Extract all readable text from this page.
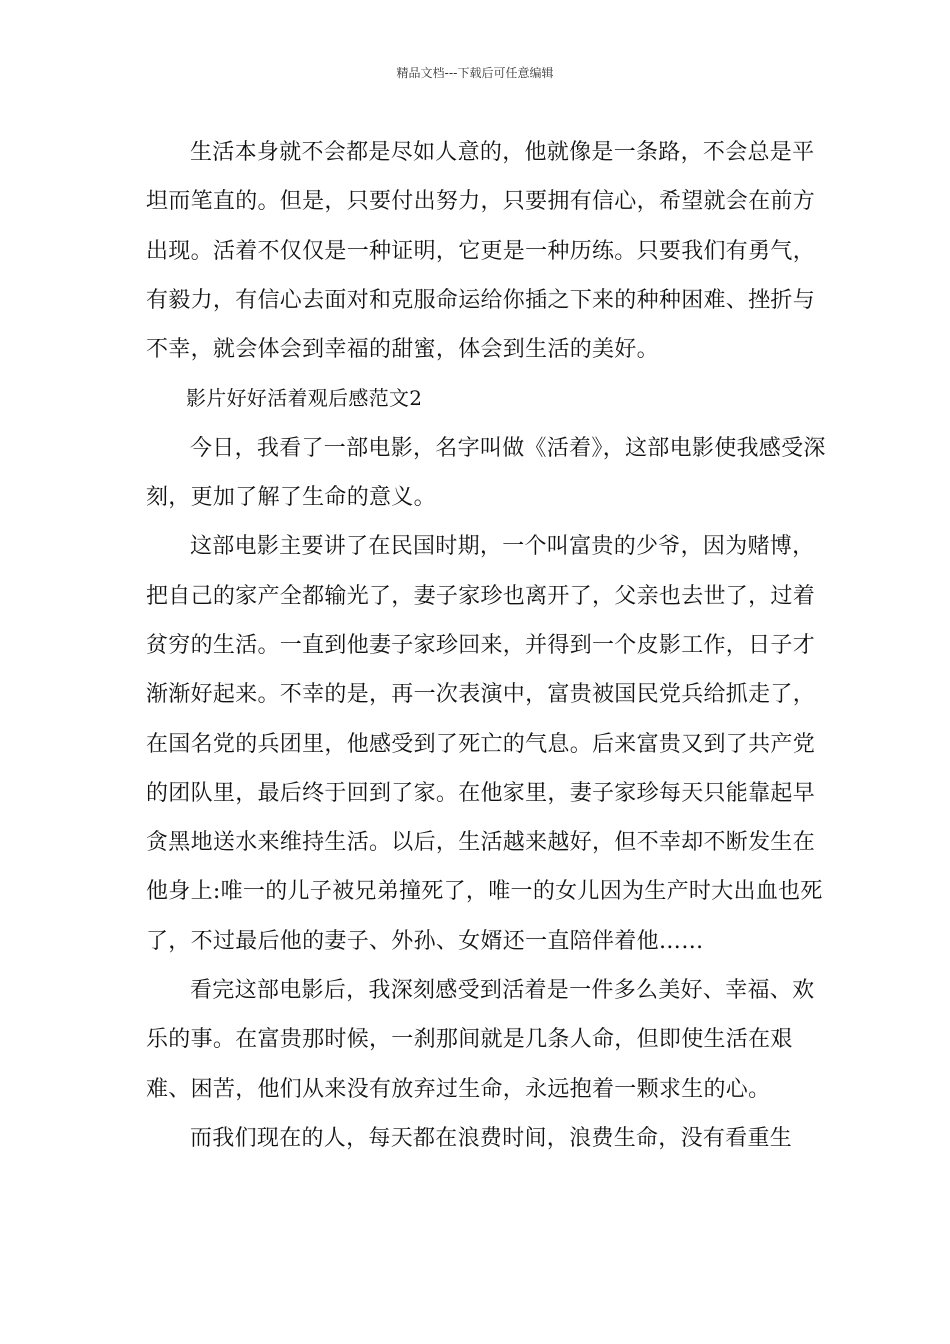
精品文档---下载后可任意编辑

生活本身就不会都是尽如人意的，他就像是一条路，不会总是平坦而笔直的。但是，只要付出努力，只要拥有信心，希望就会在前方出现。活着不仅仅是一种证明，它更是一种历练。只要我们有勇气，有毅力，有信心去面对和克服命运给你插之下来的种种困难、挫折与不幸，就会体会到幸福的甜蜜，体会到生活的美好。

影片好好活着观后感范文2

今日，我看了一部电影，名字叫做《活着》，这部电影使我感受深刻，更加了解了生命的意义。

这部电影主要讲了在民国时期，一个叫富贵的少爷，因为赌博，把自己的家产全都输光了，妻子家珍也离开了，父亲也去世了，过着贫穷的生活。一直到他妻子家珍回来，并得到一个皮影工作，日子才渐渐好起来。不幸的是，再一次表演中，富贵被国民党兵给抓走了，在国名党的兵团里，他感受到了死亡的气息。后来富贵又到了共产党的团队里，最后终于回到了家。在他家里，妻子家珍每天只能靠起早贪黑地送水来维持生活。以后，生活越来越好，但不幸却不断发生在他身上:唯一的儿子被兄弟撞死了，唯一的女儿因为生产时大出血也死了，不过最后他的妻子、外孙、女婿还一直陪伴着他……

看完这部电影后，我深刻感受到活着是一件多么美好、幸福、欢乐的事。在富贵那时候，一刹那间就是几条人命，但即使生活在艰难、困苦，他们从来没有放弃过生命，永远抱着一颗求生的心。

而我们现在的人，每天都在浪费时间，浪费生命，没有看重生
